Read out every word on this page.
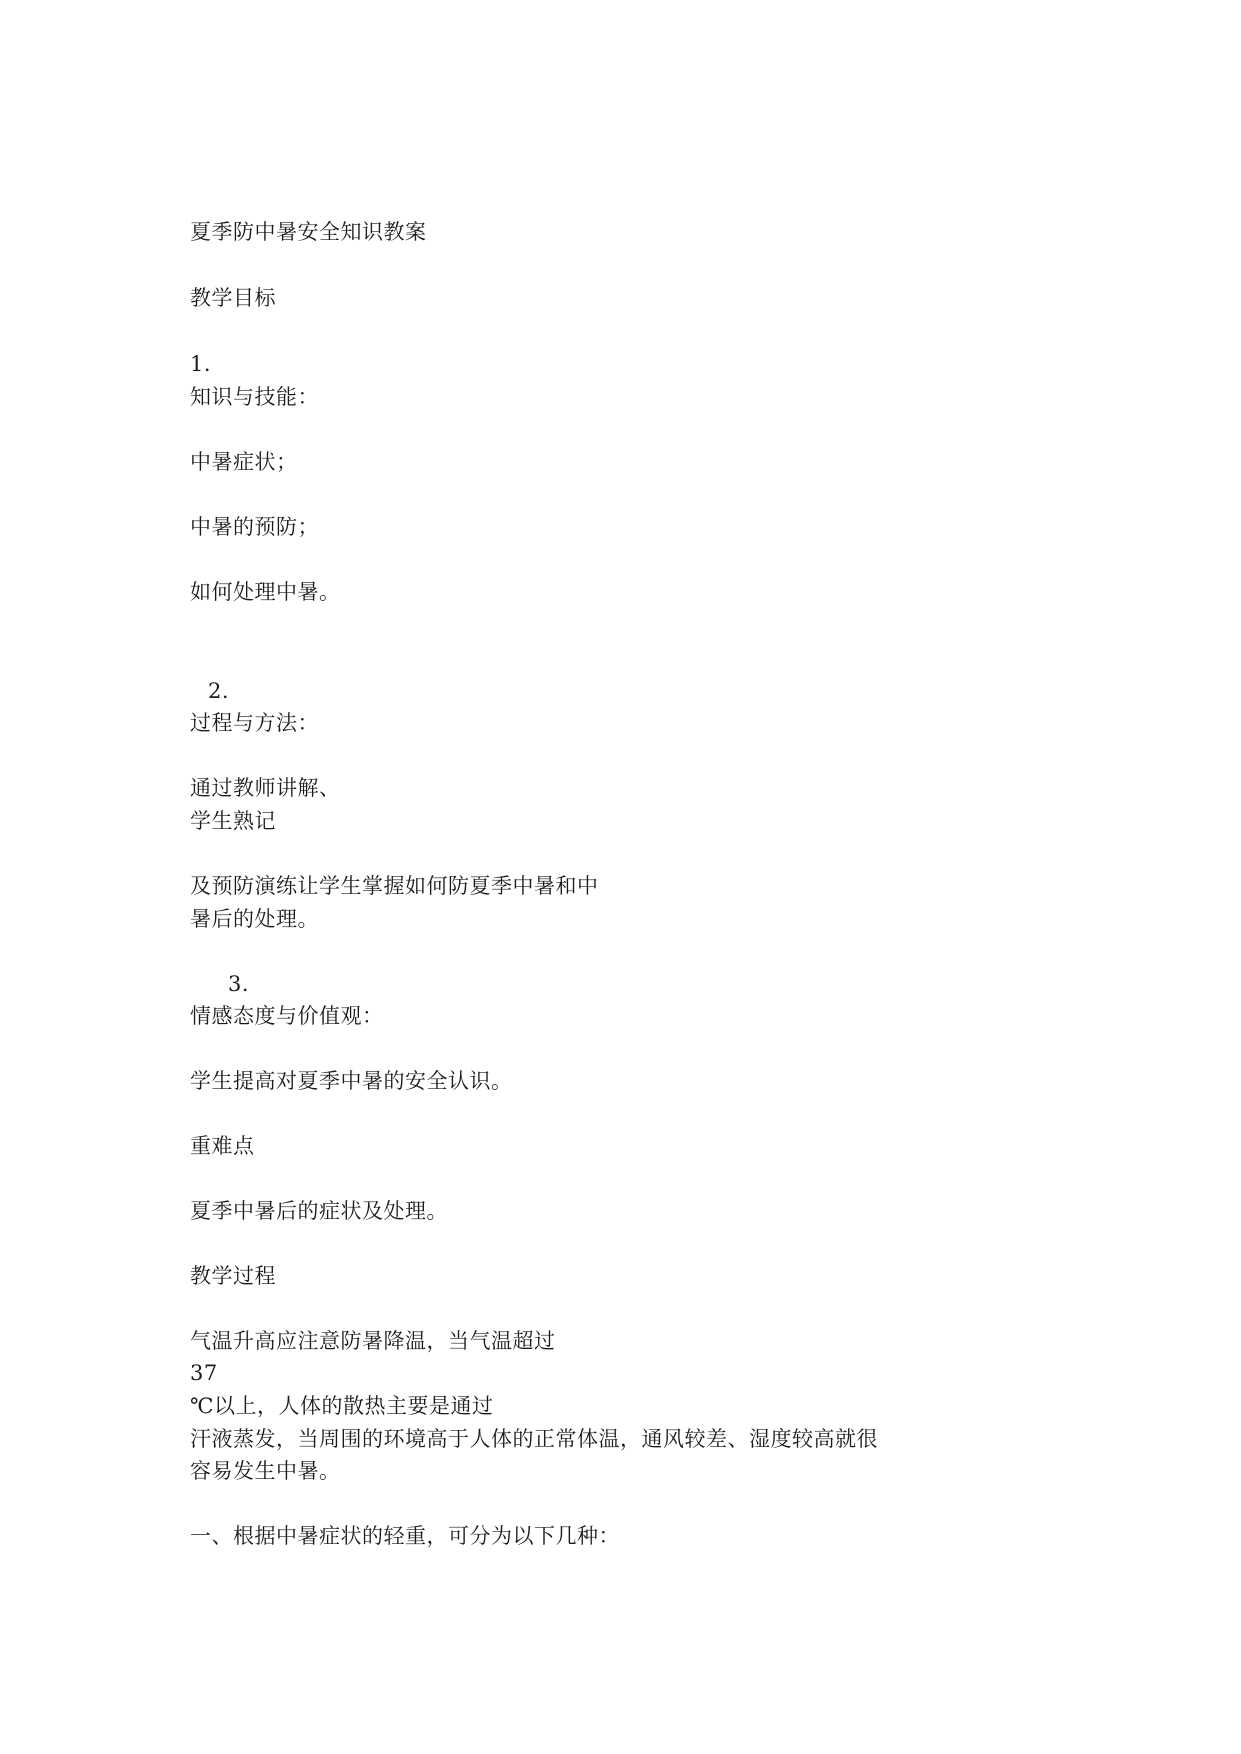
夏季防中暑安全知识教案
教学目标
1.
知识与技能：
中暑症状；
中暑的预防；
如何处理中暑。
2.
过程与方法：
通过教师讲解、
学生熟记
及预防演练让学生掌握如何防夏季中暑和中
暑后的处理。
3.
情感态度与价值观：
学生提高对夏季中暑的安全认识。
重难点
夏季中暑后的症状及处理。
教学过程
气温升高应注意防暑降温，当气温超过
37
℃以上，人体的散热主要是通过
汗液蒸发，当周围的环境高于人体的正常体温，通风较差、湿度较高就很
容易发生中暑。
一、根据中暑症状的轻重，可分为以下几种：
